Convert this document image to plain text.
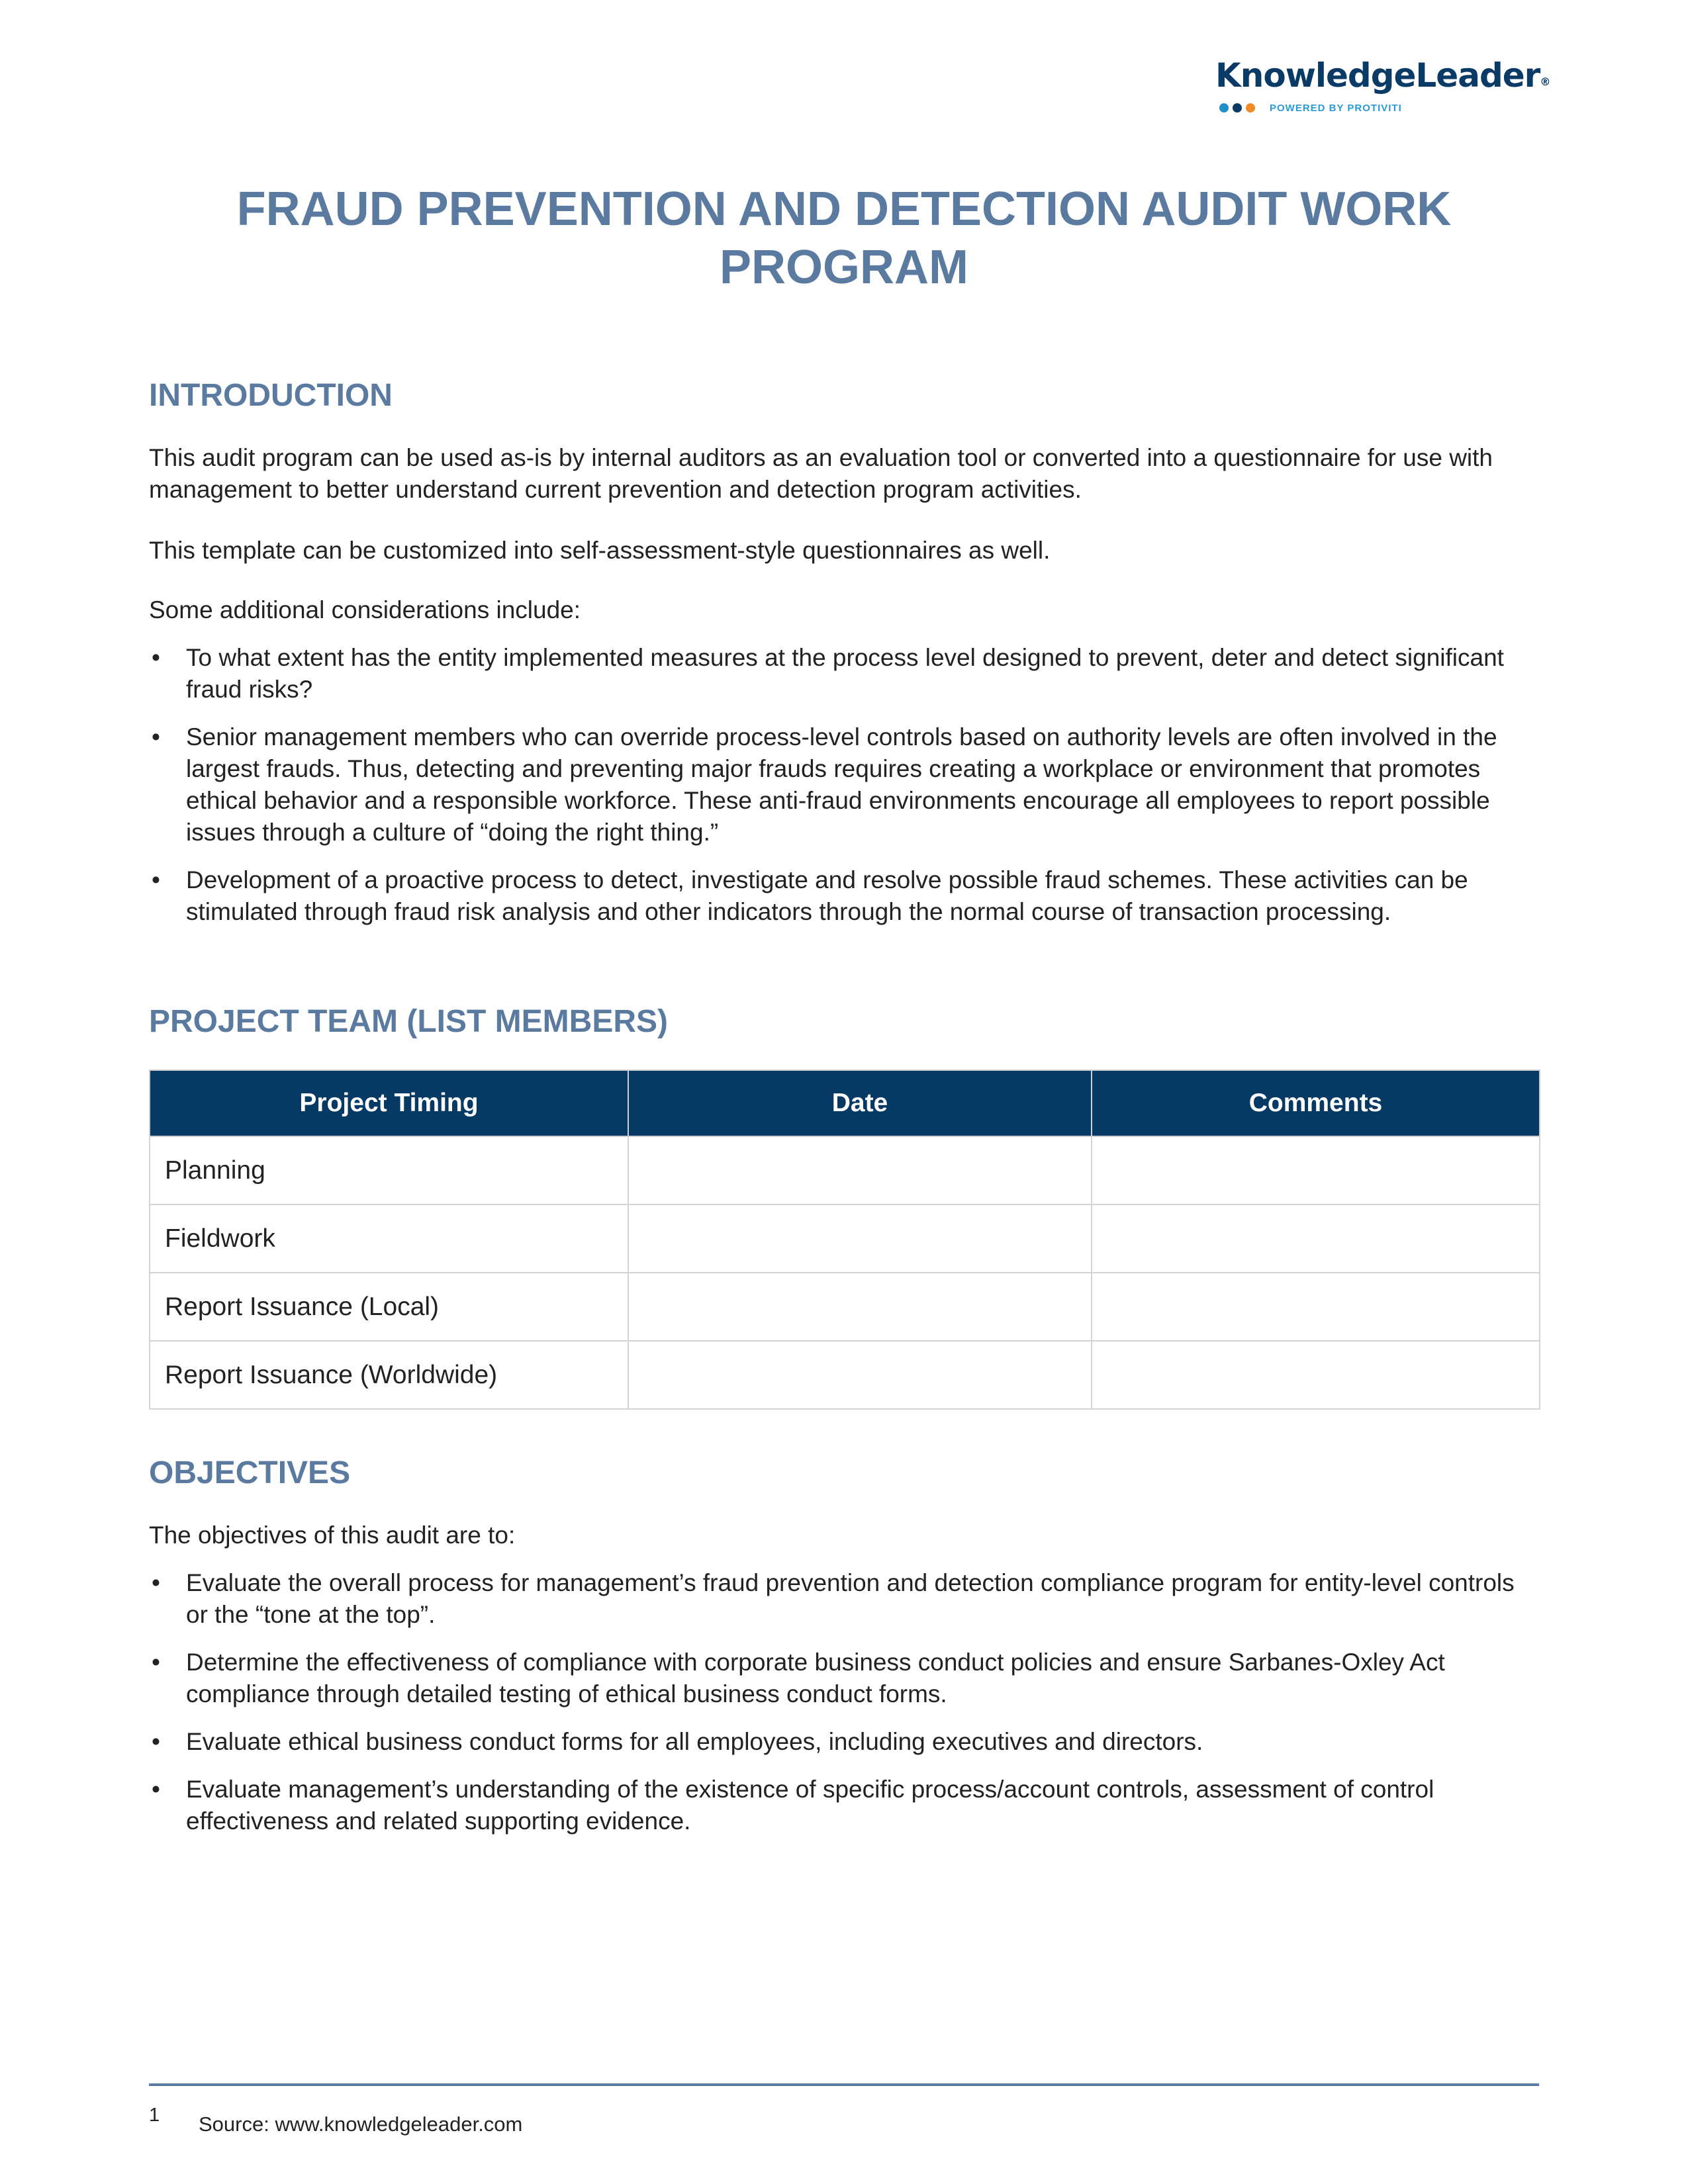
KnowledgeLeader®
POWERED BY PROTIVITI
FRAUD PREVENTION AND DETECTION AUDIT WORK PROGRAM
INTRODUCTION

This audit program can be used as-is by internal auditors as an evaluation tool or converted into a questionnaire for use with management to better understand current prevention and detection program activities.

This template can be customized into self-assessment-style questionnaires as well.

Some additional considerations include:

• To what extent has the entity implemented measures at the process level designed to prevent, deter and detect significant fraud risks?
• Senior management members who can override process-level controls based on authority levels are often involved in the largest frauds. Thus, detecting and preventing major frauds requires creating a workplace or environment that promotes ethical behavior and a responsible workforce. These anti-fraud environments encourage all employees to report possible issues through a culture of “doing the right thing.”
• Development of a proactive process to detect, investigate and resolve possible fraud schemes. These activities can be stimulated through fraud risk analysis and other indicators through the normal course of transaction processing.
PROJECT TEAM (LIST MEMBERS)
Project Timing	Date	Comments
Planning		
Fieldwork		
Report Issuance (Local)		
Report Issuance (Worldwide)		
OBJECTIVES

The objectives of this audit are to:

• Evaluate the overall process for management’s fraud prevention and detection compliance program for entity-level controls or the “tone at the top”.
• Determine the effectiveness of compliance with corporate business conduct policies and ensure Sarbanes-Oxley Act compliance through detailed testing of ethical business conduct forms.
• Evaluate ethical business conduct forms for all employees, including executives and directors.
• Evaluate management’s understanding of the existence of specific process/account controls, assessment of control effectiveness and related supporting evidence.
1 Source: www.knowledgeleader.com
